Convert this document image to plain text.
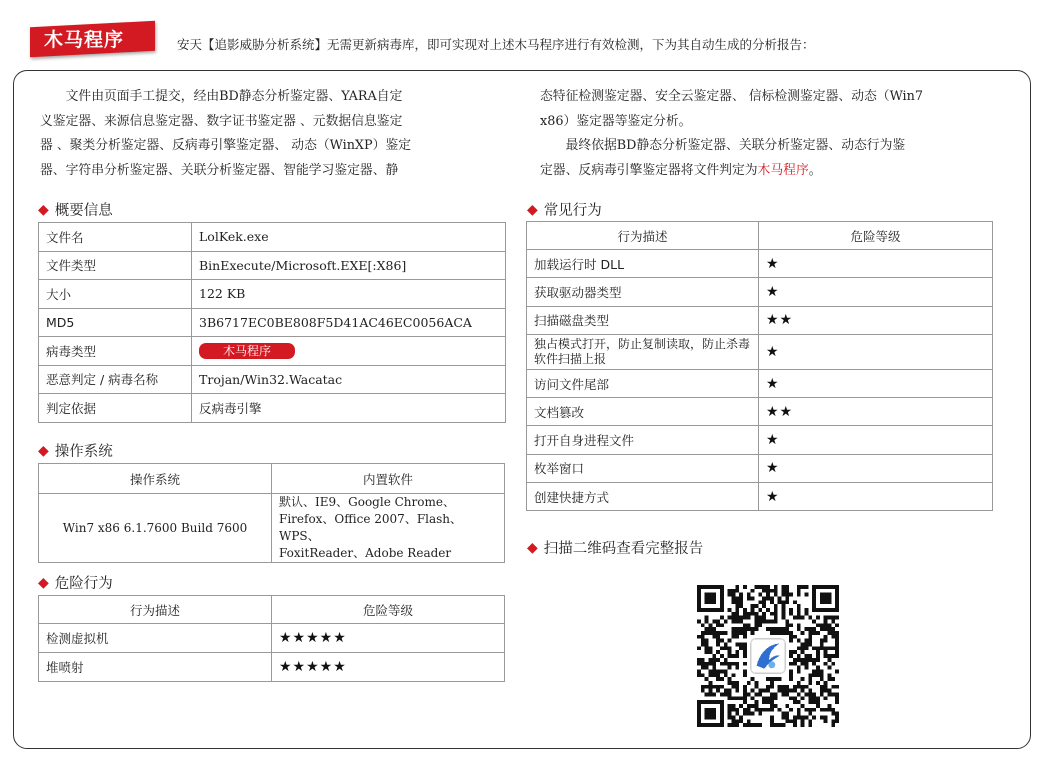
木马程序	安天【追影威胁分析系统】无需更新病毒库，即可实现对上述木马程序进行有效检测，下为其自动生成的分析报告：
　　文件由页面手工提交，经由BD静态分析鉴定器、YARA自定
义鉴定器、来源信息鉴定器、数字证书鉴定器 、元数据信息鉴定
器 、聚类分析鉴定器、反病毒引擎鉴定器、 动态（WinXP）鉴定
器、字符串分析鉴定器、关联分析鉴定器、智能学习鉴定器、静
态特征检测鉴定器、安全云鉴定器、 信标检测鉴定器、动态（Win7
x86）鉴定器等鉴定分析。
　　最终依据BD静态分析鉴定器、关联分析鉴定器、动态行为鉴
定器、反病毒引擎鉴定器将文件判定为木马程序。
◆ 概要信息
文件名	LolKek.exe
文件类型	BinExecute/Microsoft.EXE[:X86]
大小	122 KB
MD5	3B6717EC0BE808F5D41AC46EC0056ACA
病毒类型	木马程序
恶意判定 / 病毒名称	Trojan/Win32.Wacatac
判定依据	反病毒引擎
◆ 操作系统
操作系统	内置软件
Win7 x86 6.1.7600 Build 7600	默认、IE9、Google Chrome、
Firefox、Office 2007、Flash、WPS、
FoxitReader、Adobe Reader
◆ 危险行为
行为描述	危险等级
检测虚拟机	★★★★★
堆喷射	★★★★★
◆ 常见行为
行为描述	危险等级
加载运行时 DLL	★
获取驱动器类型	★
扫描磁盘类型	★★
独占模式打开，防止复制读取，防止杀毒软件扫描上报	★
访问文件尾部	★
文档篡改	★★
打开自身进程文件	★
枚举窗口	★
创建快捷方式	★
◆ 扫描二维码查看完整报告
